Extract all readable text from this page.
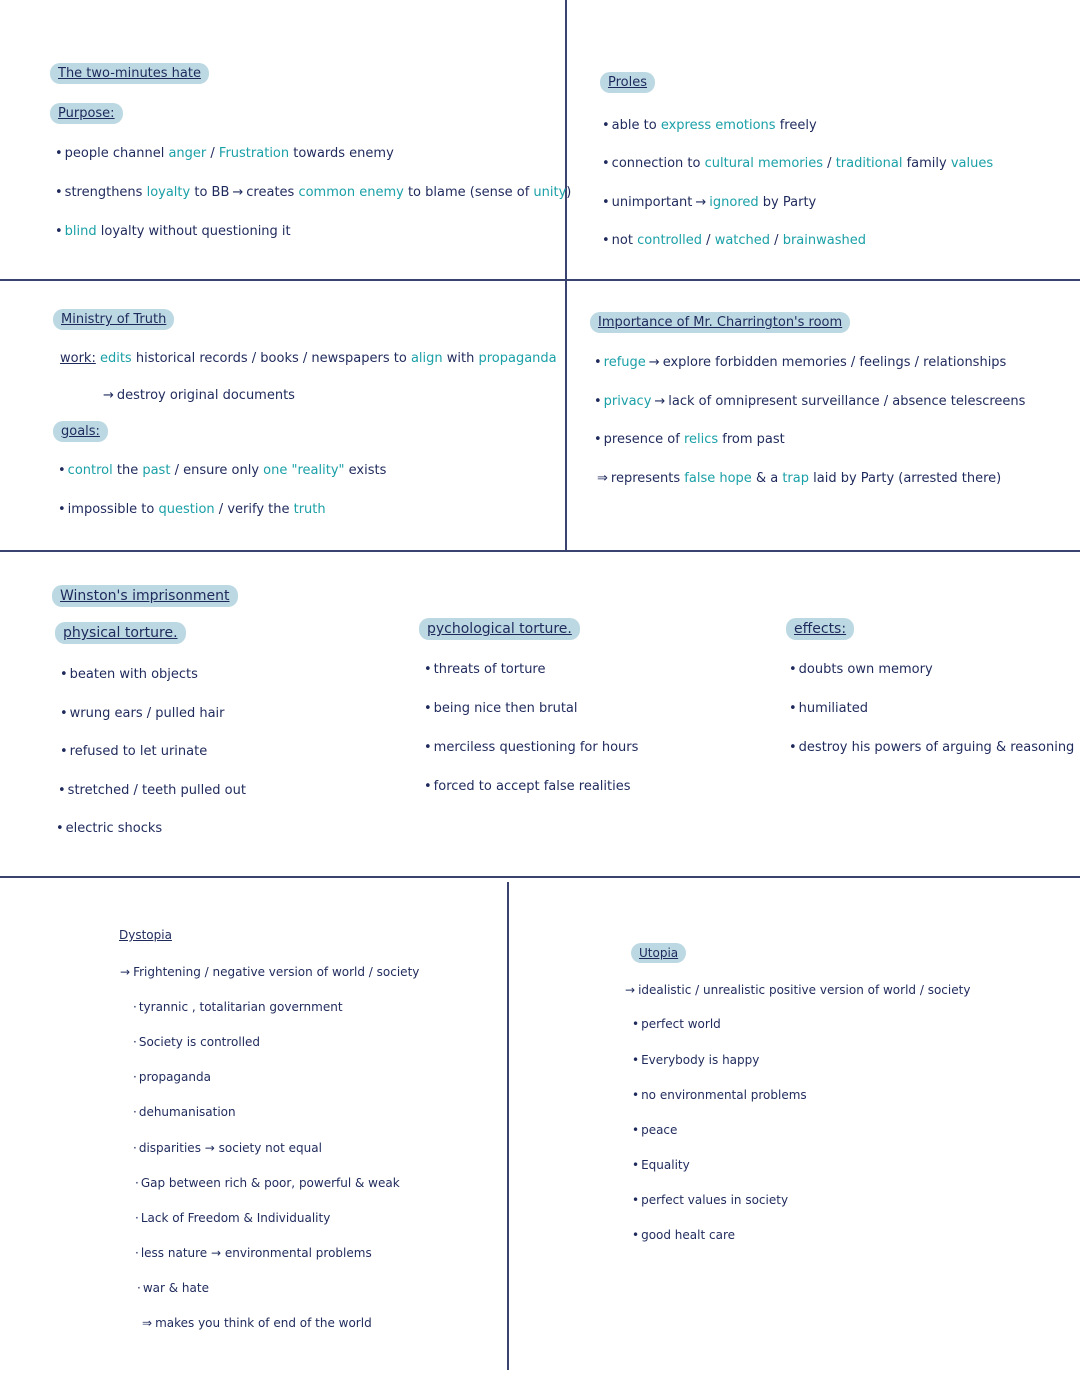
The two-minutes hate
Purpose:
• people channel anger / Frustration towards enemy
• strengthens loyalty to BB → creates common enemy to blame (sense of unity)
• blind loyalty without questioning it
Proles
• able to express emotions freely
• connection to cultural memories / traditional family values
• unimportant → ignored by Party
• not controlled / watched / brainwashed
Ministry of Truth
work: edits historical records / books / newspapers to align with propaganda
→ destroy original documents
goals:
• control the past / ensure only one "reality" exists
• impossible to question / verify the truth
Importance of Mr. Charrington's room
• refuge → explore forbidden memories / feelings / relationships
• privacy → lack of omnipresent surveillance / absence telescreens
• presence of relics from past
⇒ represents false hope & a trap laid by Party (arrested there)
Winston's imprisonment
physical torture.
• beaten with objects
• wrung ears / pulled hair
• refused to let urinate
• stretched / teeth pulled out
• electric shocks
pychological torture.
• threats of torture
• being nice then brutal
• merciless questioning for hours
• forced to accept false realities
effects:
• doubts own memory
• humiliated
• destroy his powers of arguing & reasoning
Dystopia
→ Frightening / negative version of world / society
· tyrannic , totalitarian government
· Society is controlled
· propaganda
· dehumanisation
· disparities → society not equal
· Gap between rich & poor, powerful & weak
· Lack of Freedom & Individuality
· less nature → environmental problems
· war & hate
⇒ makes you think of end of the world
Utopia
→ idealistic / unrealistic positive version of world / society
• perfect world
• Everybody is happy
• no environmental problems
• peace
• Equality
• perfect values in society
• good healt care
